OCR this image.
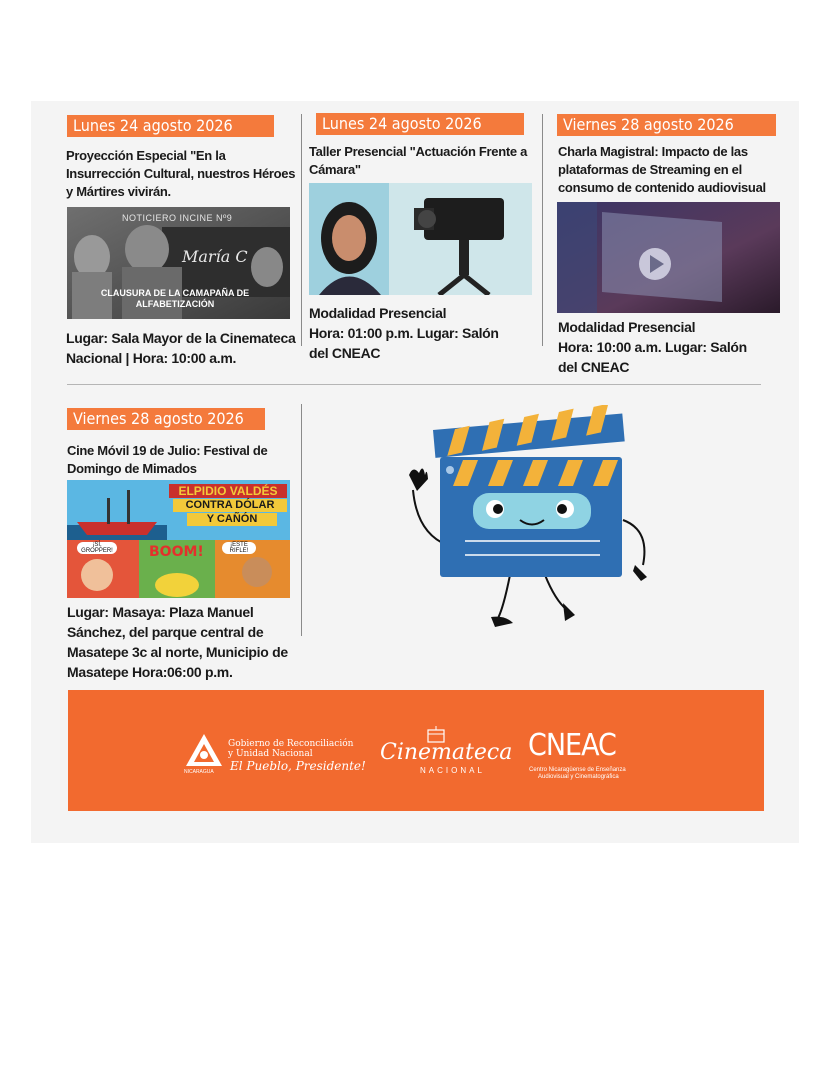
Lunes 24 agosto 2026
Proyección Especial "En la Insurrección Cultural, nuestros Héroes y Mártires vivirán.
NOTICIERO INCINE Nº9
María C
CLAUSURA DE LA CAMAPAÑA DE ALFABETIZACIÓN
Lugar: Sala Mayor de la Cinemateca Nacional | Hora: 10:00 a.m.
Lunes 24 agosto 2026
Taller Presencial "Actuación Frente a Cámara"
Modalidad Presencial
Hora: 01:00 p.m. Lugar: Salón del CNEAC
Viernes 28 agosto 2026
Charla Magistral: Impacto de las plataformas de Streaming en el consumo de contenido audiovisual
Modalidad Presencial
Hora: 10:00 a.m. Lugar: Salón del CNEAC
Viernes 28 agosto 2026
Cine Móvil 19 de Julio: Festival de Domingo de Mimados
ELPIDIO VALDÉS
CONTRA DÓLAR
Y CAÑÓN
BOOM!
¡SÍ, GROPPER!
¡ESTE RIFLE!
Lugar: Masaya: Plaza Manuel Sánchez, del parque central de Masatepe 3c al norte, Municipio de Masatepe Hora:06:00 p.m.
NICARAGUA
Gobierno de Reconciliación
y Unidad Nacional
El Pueblo, Presidente!
Cinemateca
NACIONAL
CNEAC
Centro Nicaragüense de Enseñanza
Audiovisual y Cinematográfica
